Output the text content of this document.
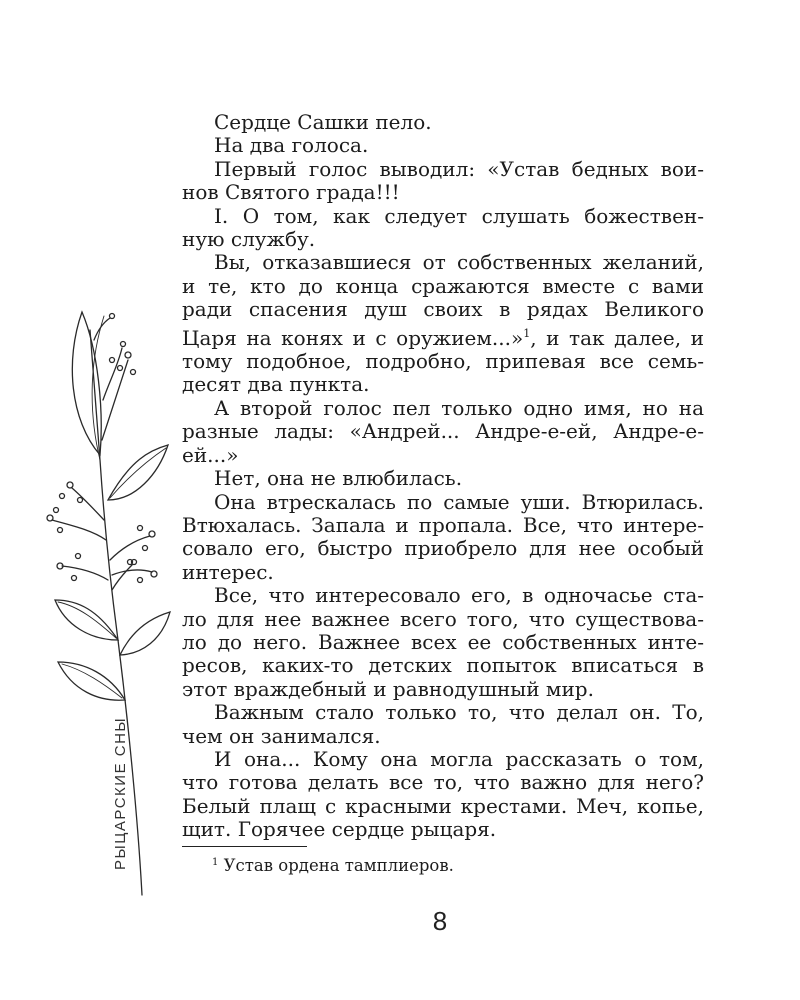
РЫЦАРСКИЕ СНЫ
Сердце Сашки пело.
На два голоса.
Первый голос выводил: «Устав бедных вои-
нов Святого града!!!
I. О том, как следует слушать божествен-
ную службу.
Вы, отказавшиеся от собственных желаний,
и те, кто до конца сражаются вместе с вами
ради спасения душ своих в рядах Великого
Царя на конях и с оружием...»$^1$, и так далее, и
тому подобное, подробно, припевая все семь-
десят два пункта.
А второй голос пел только одно имя, но на
разные лады: «Андрей... Андре-е-ей, Андре-е-
ей...»
Нет, она не влюбилась.
Она втрескалась по самые уши. Втюрилась.
Втюхалась. Запала и пропала. Все, что интере-
совало его, быстро приобрело для нее особый
интерес.
Все, что интересовало его, в одночасье ста-
ло для нее важнее всего того, что существова-
ло до него. Важнее всех ее собственных инте-
ресов, каких-то детских попыток вписаться в
этот враждебный и равнодушный мир.
Важным стало только то, что делал он. То,
чем он занимался.
И она... Кому она могла рассказать о том,
что готова делать все то, что важно для него?
Белый плащ с красными крестами. Меч, копье,
щит. Горячее сердце рыцаря.
$^1$ Устав ордена тамплиеров.
8
